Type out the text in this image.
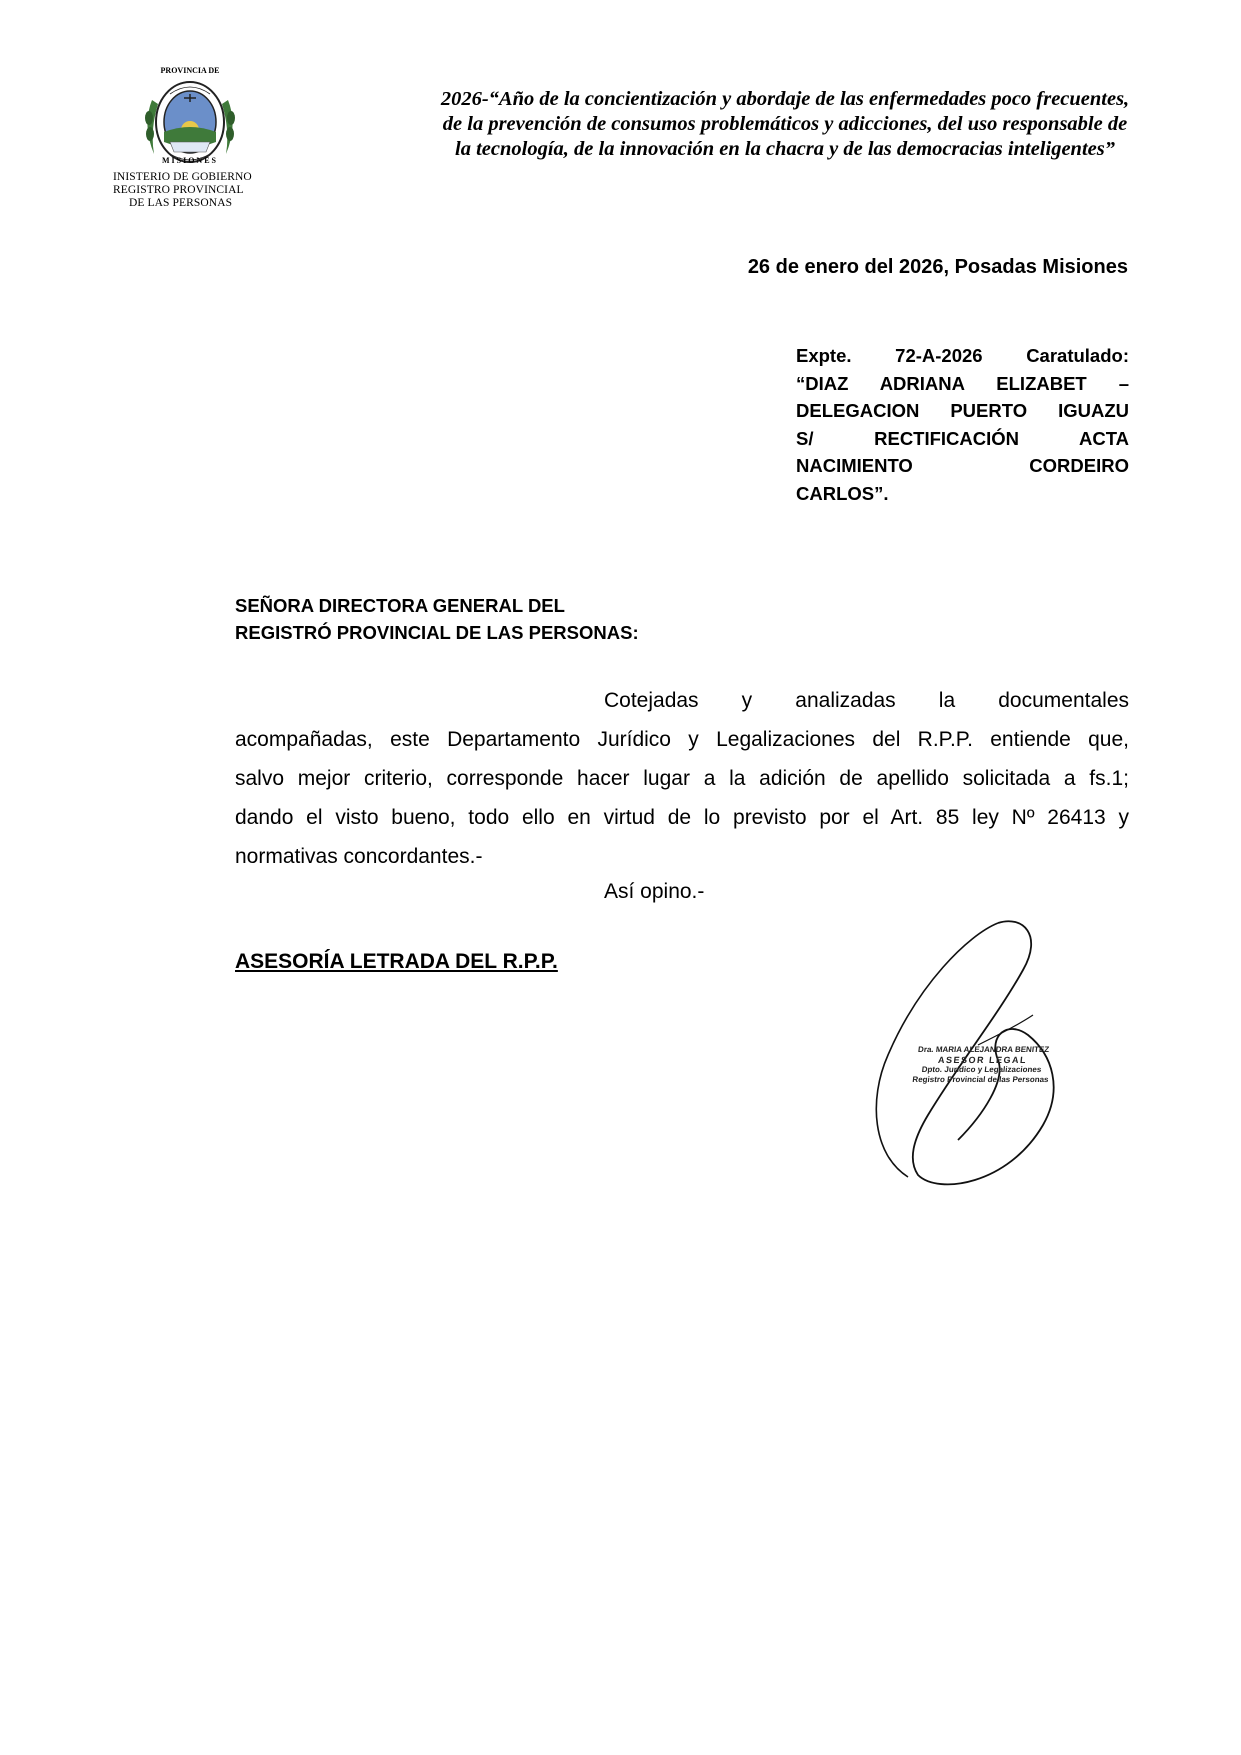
PROVINCIA DE
MISIONES
INISTERIO DE GOBIERNO
REGISTRO PROVINCIAL
DE LAS PERSONAS
2026-“Año de la concientización y abordaje de las enfermedades poco frecuentes,
de la prevención de consumos problemáticos y adicciones, del uso responsable de
la tecnología, de la innovación en la chacra y de las democracias inteligentes”
26 de enero del 2026, Posadas Misiones
Expte. 72-A-2026 Caratulado:
“DIAZ ADRIANA ELIZABET –
DELEGACION PUERTO IGUAZU
S/ RECTIFICACIÓN ACTA
NACIMIENTO CORDEIRO
CARLOS”.
SEÑORA DIRECTORA GENERAL DEL
REGISTRÓ PROVINCIAL DE LAS PERSONAS:
Cotejadas y analizadas la documentales
acompañadas, este Departamento Jurídico y Legalizaciones del R.P.P. entiende que,
salvo mejor criterio, corresponde hacer lugar a la adición de apellido solicitada a fs.1;
dando el visto bueno, todo ello en virtud de lo previsto por el Art. 85 ley Nº 26413 y
normativas concordantes.-
Así opino.-
ASESORÍA LETRADA DEL R.P.P.
Dra. MARIA ALEJANDRA BENITEZ
ASESOR LEGAL
Dpto. Jurídico y Legalizaciones
Registro Provincial de las Personas
